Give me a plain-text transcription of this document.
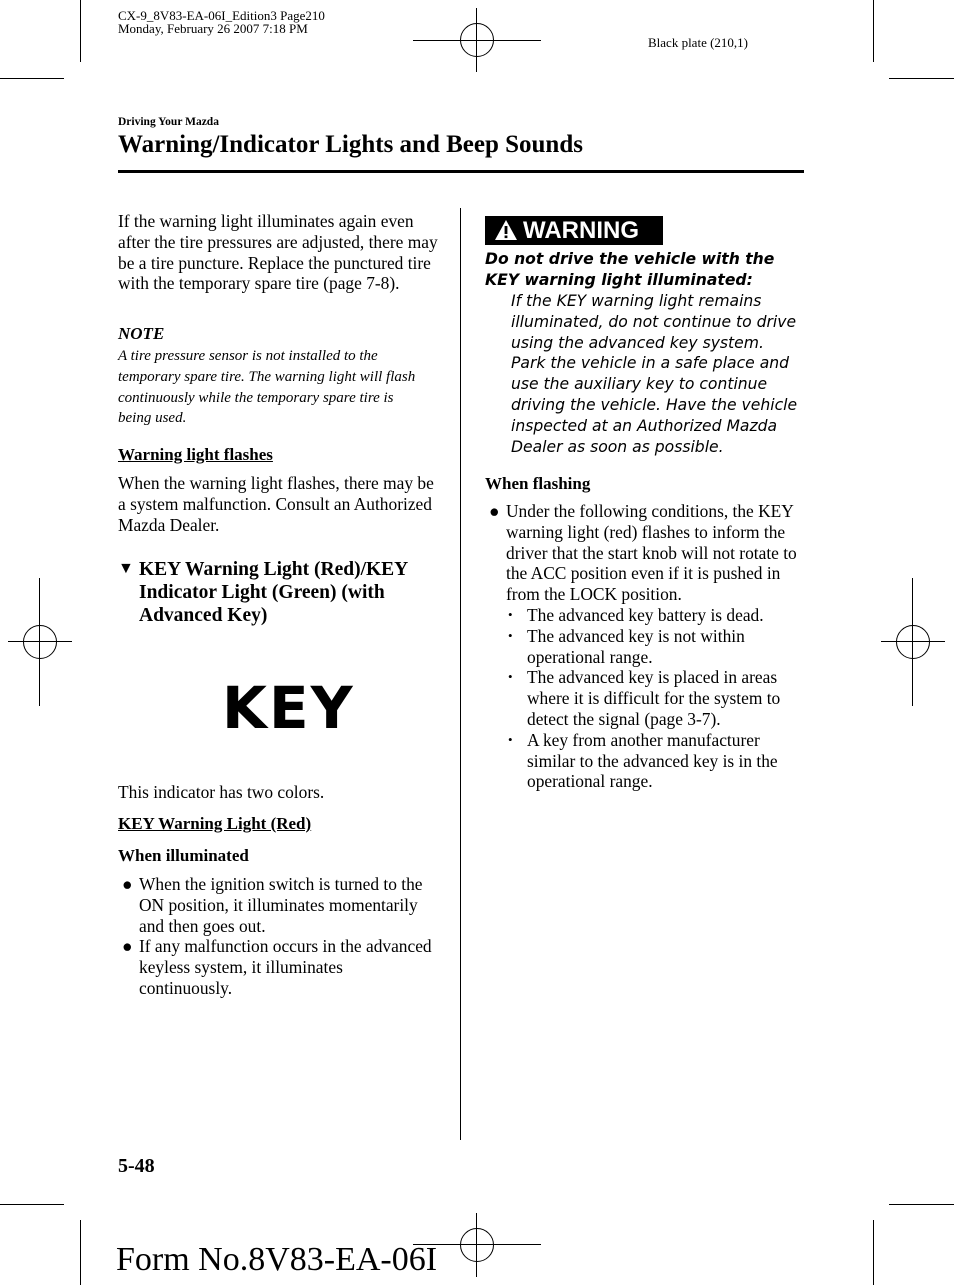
CX-9_8V83-EA-06I_Edition3 Page210
Monday, February 26 2007 7:18 PM
Black plate (210,1)
Driving Your Mazda
Warning/Indicator Lights and Beep Sounds
If the warning light illuminates again even after the tire pressures are adjusted, there may be a tire puncture. Replace the punctured tire with the temporary spare tire (page 7-8).
NOTE
A tire pressure sensor is not installed to the temporary spare tire. The warning light will flash continuously while the temporary spare tire is being used.
Warning light flashes
When the warning light flashes, there may be a system malfunction. Consult an Authorized Mazda Dealer.
▼ KEY Warning Light (Red)/KEY Indicator Light (Green) (with Advanced Key)
KEY
This indicator has two colors.
KEY Warning Light (Red)
When illuminated
● When the ignition switch is turned to the ON position, it illuminates momentarily and then goes out.
● If any malfunction occurs in the advanced keyless system, it illuminates continuously.
WARNING
Do not drive the vehicle with the KEY warning light illuminated:
If the KEY warning light remains illuminated, do not continue to drive using the advanced key system. Park the vehicle in a safe place and use the auxiliary key to continue driving the vehicle. Have the vehicle inspected at an Authorized Mazda Dealer as soon as possible.
When flashing
● Under the following conditions, the KEY warning light (red) flashes to inform the driver that the start knob will not rotate to the ACC position even if it is pushed in from the LOCK position.
• The advanced key battery is dead.
• The advanced key is not within operational range.
• The advanced key is placed in areas where it is difficult for the system to detect the signal (page 3-7).
• A key from another manufacturer similar to the advanced key is in the operational range.
5-48
Form No.8V83-EA-06I
